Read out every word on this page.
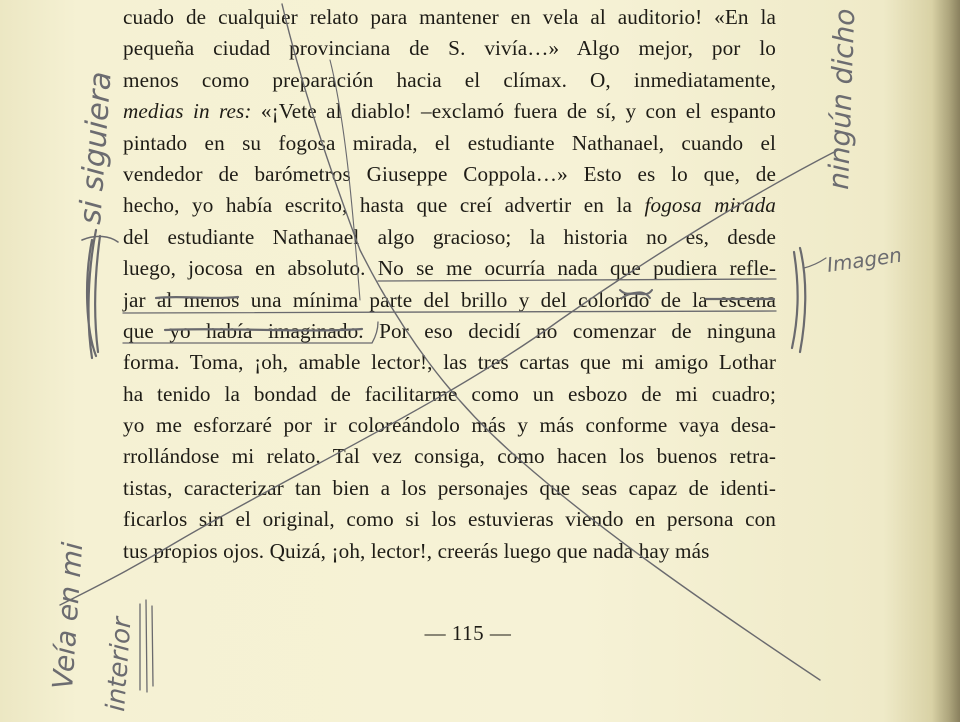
cuado de cualquier relato para mantener en vela al auditorio! «En la
pequeña ciudad provinciana de S. vivía…» Algo mejor, por lo
menos como preparación hacia el clímax. O, inmediatamente,
medias in res: «¡Vete al diablo! –exclamó fuera de sí, y con el espanto
pintado en su fogosa mirada, el estudiante Nathanael, cuando el
vendedor de barómetros Giuseppe Coppola…» Esto es lo que, de
hecho, yo había escrito, hasta que creí advertir en la fogosa mirada
del estudiante Nathanael algo gracioso; la historia no es, desde
luego, jocosa en absoluto. No se me ocurría nada que pudiera refle-
jar al menos una mínima parte del brillo y del colorido de la escena
que yo había imaginado. Por eso decidí no comenzar de ninguna
forma. Toma, ¡oh, amable lector!, las tres cartas que mi amigo Lothar
ha tenido la bondad de facilitarme como un esbozo de mi cuadro;
yo me esforzaré por ir coloreándolo más y más conforme vaya desa-
rrollándose mi relato. Tal vez consiga, como hacen los buenos retra-
tistas, caracterizar tan bien a los personajes que seas capaz de identi-
ficarlos sin el original, como si los estuvieras viendo en persona con
tus propios ojos. Quizá, ¡oh, lector!, creerás luego que nada hay más
— 115 —
si siguiera
Veía en mi interior
ningún dicho
Imagen
